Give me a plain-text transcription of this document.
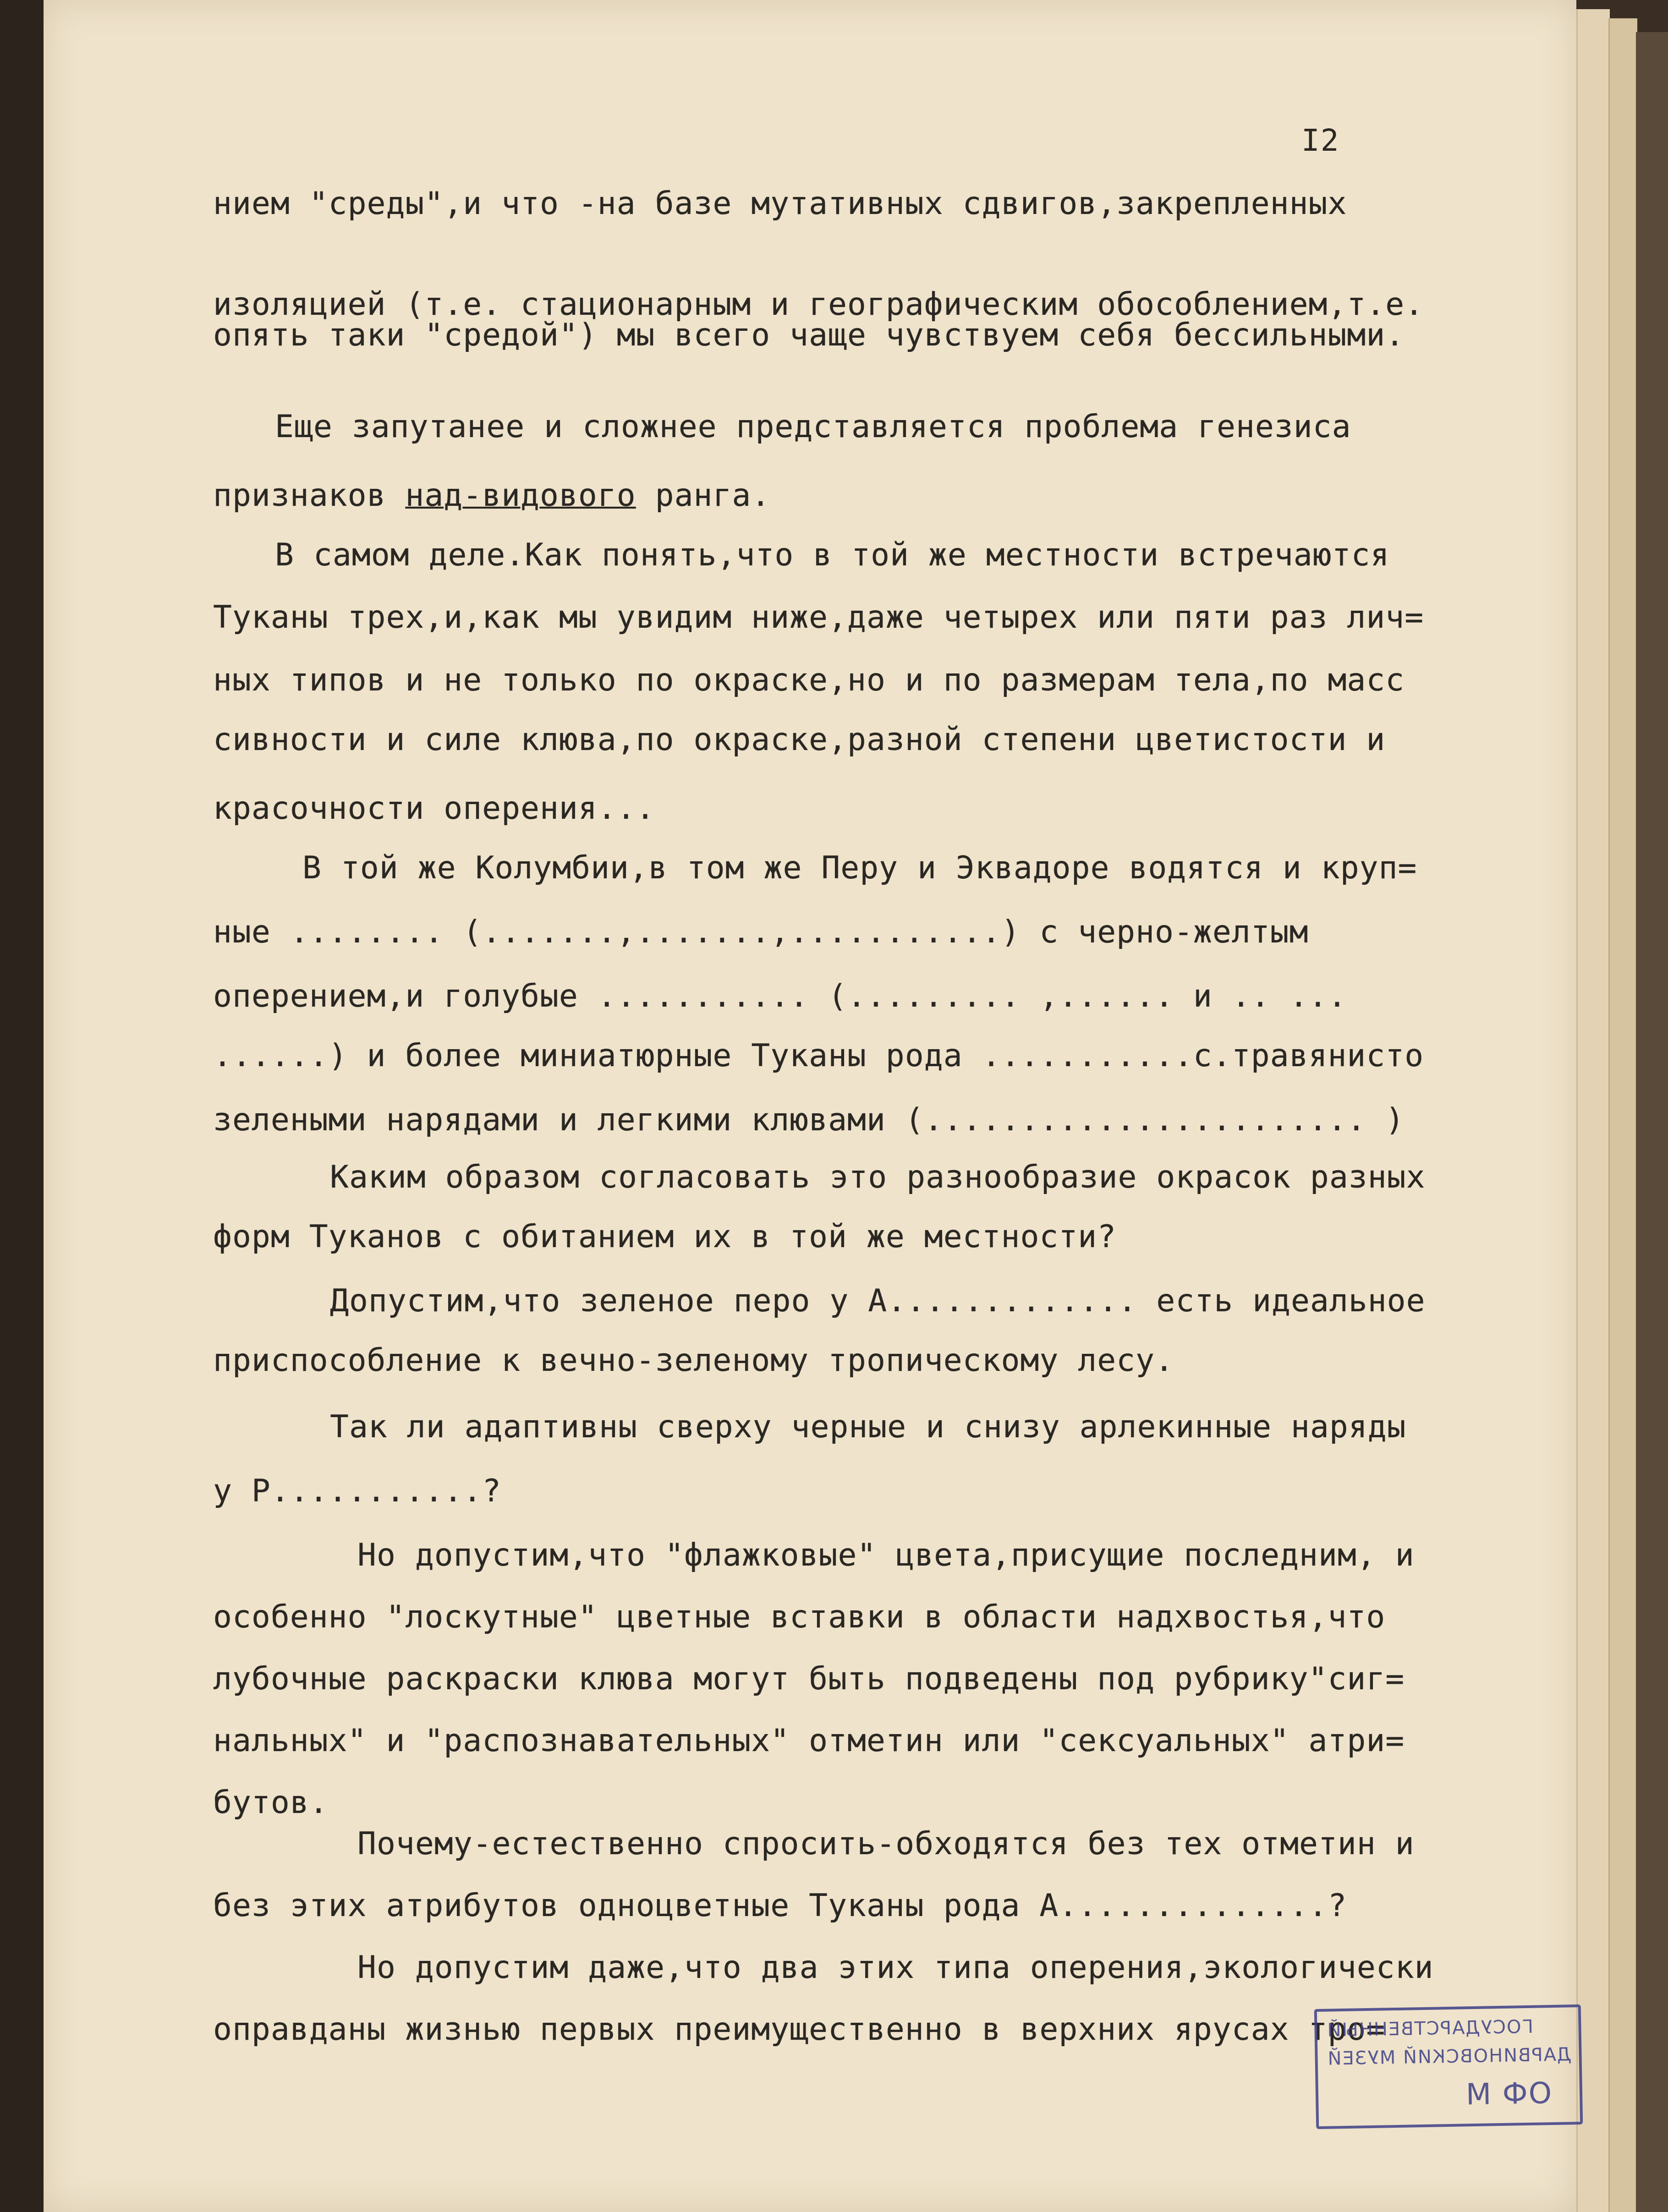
I2
нием "среды",и что -на базе мутативных сдвигов,закрепленных
изоляцией (т.е. стационарным и географическим обособлением,т.е.
опять таки "средой") мы всего чаще чувствуем себя бессильными.
Еще запутанее и сложнее представляется проблема генезиса
признаков над-видового ранга.
В самом деле.Как понять,что в той же местности встречаются
Туканы трех,и,как мы увидим ниже,даже четырех или пяти раз лич=
ных типов и не только по окраске,но и по размерам тела,по масс
сивности и силе клюва,по окраске,разной степени цветистости и
красочности оперения...
В той же Колумбии,в том же Перу и Эквадоре водятся и круп=
ные ........ (.......,.......,...........) с черно-желтым
оперением,и голубые ........... (......... ,...... и .. ...
......) и более миниатюрные Туканы рода ...........с.травянисто
зелеными нарядами и легкими клювами (....................... )
Каким образом согласовать это разнообразие окрасок разных
форм Туканов с обитанием их в той же местности?
Допустим,что зеленое перо у А............. есть идеальное
приспособление к вечно-зеленому тропическому лесу.
Так ли адаптивны сверху черные и снизу арлекинные наряды
у Р...........?
Но допустим,что "флажковые" цвета,присущие последним, и
особенно "лоскутные" цветные вставки в области надхвостья,что
лубочные раскраски клюва могут быть подведены под рубрику"сиг=
нальных" и "распознавательных" отметин или "сексуальных" атри=
бутов.
Почему-естественно спросить-обходятся без тех отметин и
без этих атрибутов одноцветные Туканы рода А..............?
Но допустим даже,что два этих типа оперения,экологически
оправданы жизнью первых преимущественно в верхних ярусах тро=
ГОСУДАРСТВЕННЫЙ
ДАРВИНОВСКИЙ МУЗЕЙ
ОФ М
